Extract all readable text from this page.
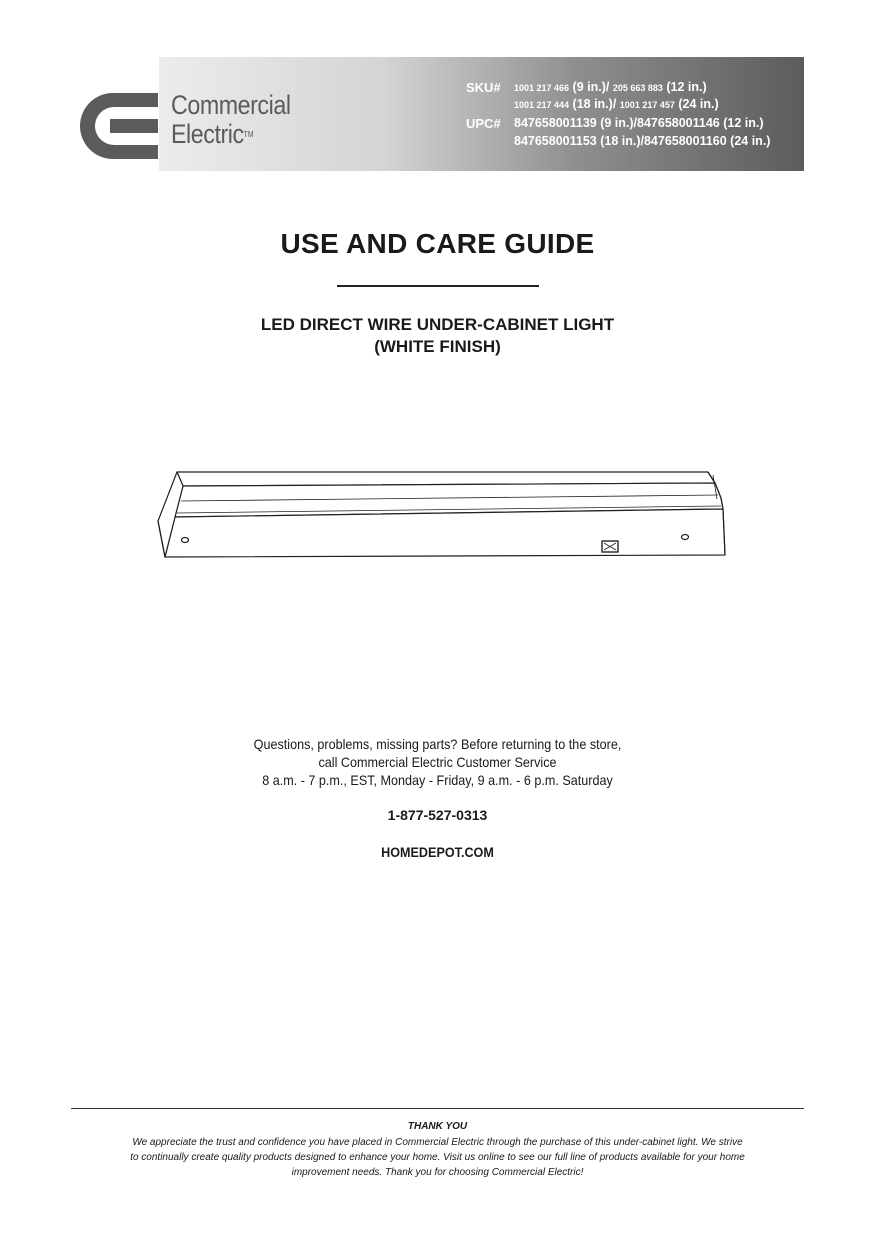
Commercial
Electric™
SKU# 1001 217 466 (9 in.)/ 205 663 883 (12 in.)
1001 217 444 (18 in.)/ 1001 217 457 (24 in.)
UPC# 847658001139 (9 in.)/847658001146 (12 in.)
847658001153 (18 in.)/847658001160 (24 in.)
USE AND CARE GUIDE
LED DIRECT WIRE UNDER-CABINET LIGHT
(WHITE FINISH)
Questions, problems, missing parts? Before returning to the store,
call Commercial Electric Customer Service
8 a.m. - 7 p.m., EST, Monday - Friday, 9 a.m. - 6 p.m. Saturday
1-877-527-0313
HOMEDEPOT.COM
THANK YOU
We appreciate the trust and confidence you have placed in Commercial Electric through the purchase of this under-cabinet light. We strive
to continually create quality products designed to enhance your home. Visit us online to see our full line of products available for your home
improvement needs. Thank you for choosing Commercial Electric!
